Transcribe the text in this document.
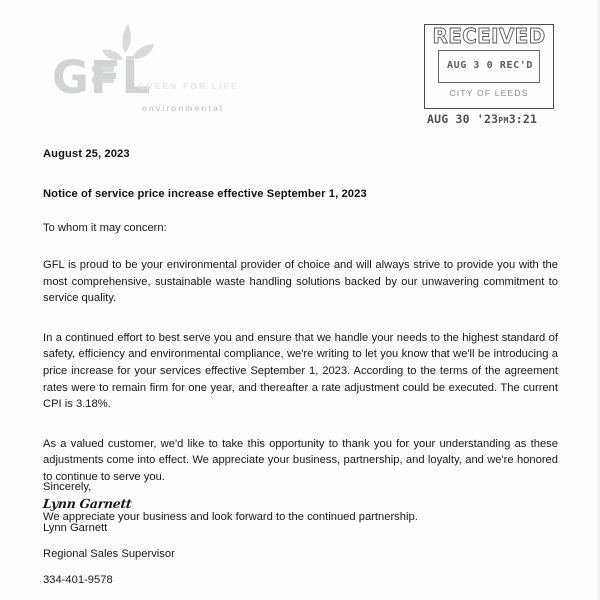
GFL
GREEN FOR LIFE
environmental
RECEIVED
AUG 3 0 REC'D
CITY OF LEEDS
AUG 30 '23PM3:21

August 25, 2023

Notice of service price increase effective September 1, 2023

To whom it may concern:

GFL is proud to be your environmental provider of choice and will always strive to provide you with the most comprehensive, sustainable waste handling solutions backed by our unwavering commitment to service quality.

In a continued effort to best serve you and ensure that we handle your needs to the highest standard of safety, efficiency and environmental compliance, we're writing to let you know that we'll be introducing a price increase for your services effective September 1, 2023. According to the terms of the agreement rates were to remain firm for one year, and thereafter a rate adjustment could be executed. The current CPI is 3.18%.

As a valued customer, we'd like to take this opportunity to thank you for your understanding as these adjustments come into effect. We appreciate your business, partnership, and loyalty, and we're honored to continue to serve you.

We appreciate your business and look forward to the continued partnership.

Sincerely,

Lynn Garnett

Lynn Garnett

Regional Sales Supervisor

334-401-9578
